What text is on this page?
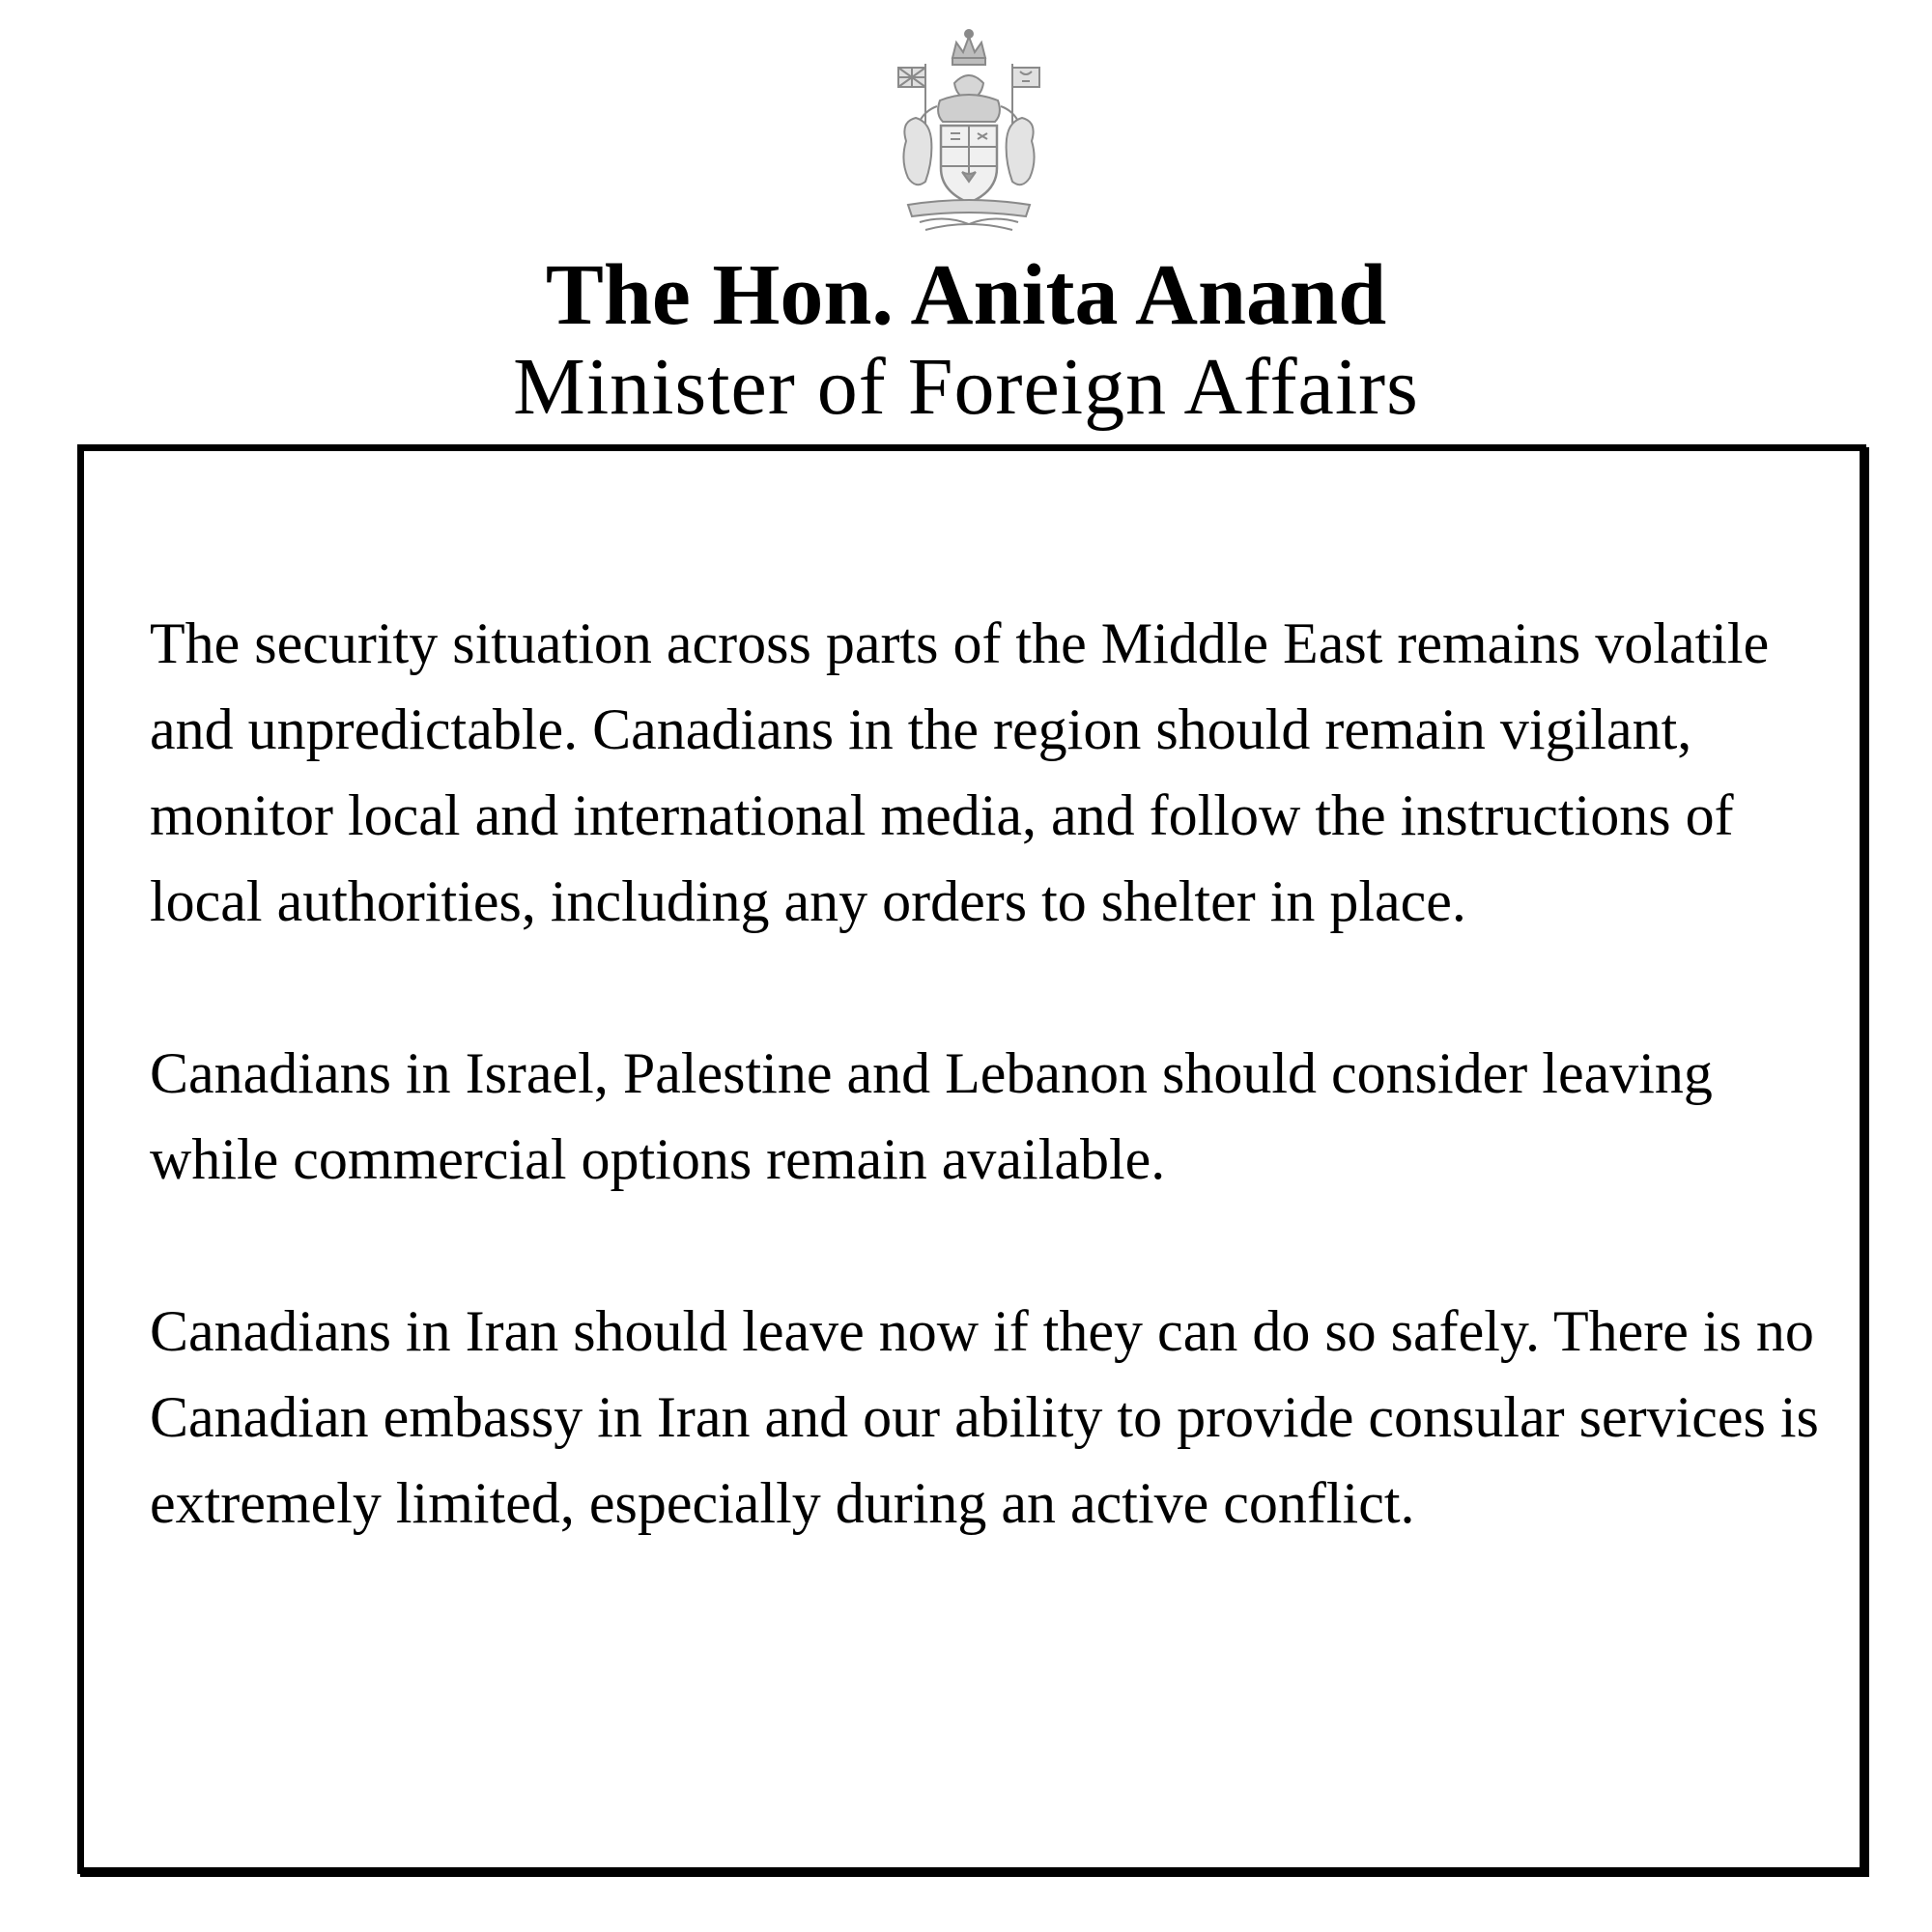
The Hon. Anita Anand

Minister of Foreign Affairs

The security situation across parts of the Middle East remains volatile and unpredictable. Canadians in the region should remain vigilant, monitor local and international media, and follow the instructions of local authorities, including any orders to shelter in place.

Canadians in Israel, Palestine and Lebanon should consider leaving while commercial options remain available.

Canadians in Iran should leave now if they can do so safely. There is no Canadian embassy in Iran and our ability to provide consular services is extremely limited, especially during an active conflict.
